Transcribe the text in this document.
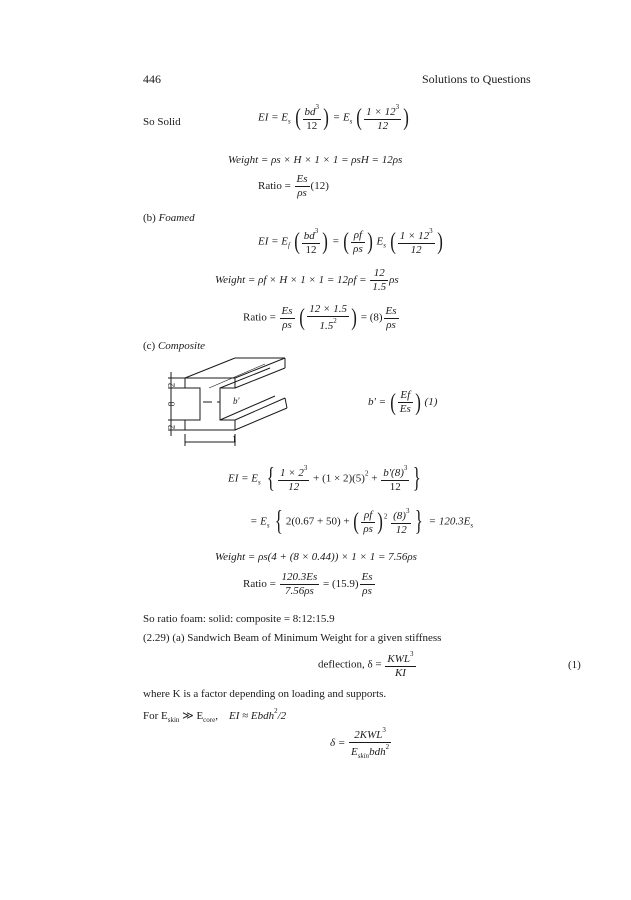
446	Solutions to Questions
So Solid	EI = $E_s$ ( $\frac{bd^3}{12}$ ) = $E_s$ ( $\frac{1 \times 12^3}{12}$ )
Weight = ρs × H × 1 × 1 = ρsH = 12ρs
Ratio = $\frac{Es}{\rho s} (12)$
(b) Foamed
EI = $E_f$ ( $\frac{bd^3}{12}$ ) = ( $\frac{\rho f}{\rho s}$ ) $E_s$ ( $\frac{1 \times 12^3}{12}$ )
Weight = $\rho f \times H \times 1 \times 1 = 12\rho f = \frac{12}{1.5}$ ρs
Ratio = $\frac{Es}{\rho s}$ ( $\frac{12 \times 1.5}{1.5^2}$ ) = $(8) \frac{Es}{\rho s}$
(c) Composite
2
8
2
1
b'	b' = ( $\frac{Ef}{Es}$ ) (1)
EI = $E_s$ { $\frac{1 \times 2^3}{12} + (1 \times 2)(5)^2 + \frac{b'(8)^3}{12}$ }
= $E_s$ { 2(0.67 + 50) + ( $\frac{\rho f}{\rho s} )^2 \frac{(8)^3}{12}$ } = $120.3E_s$
Weight = ρs(4 + (8 × 0.44)) × 1 × 1 = 7.56ρs
Ratio = $\frac{120.3Es}{7.56\rho s} = (15.9) \frac{Es}{\rho s}$
So ratio foam: solid: composite = 8:12:15.9
(2.29) (a) Sandwich Beam of Minimum Weight for a given stiffness
deflection, $\delta = \frac{KWL^3}{KI}$	(1)
where K is a factor depending on loading and supports.
For $E_{skin}$ ≫ $E_{core}$,    EI ≈ Ebdh$^2$/2
$\delta = \frac{2KWL^3}{E_{skin}bdh^2}$
